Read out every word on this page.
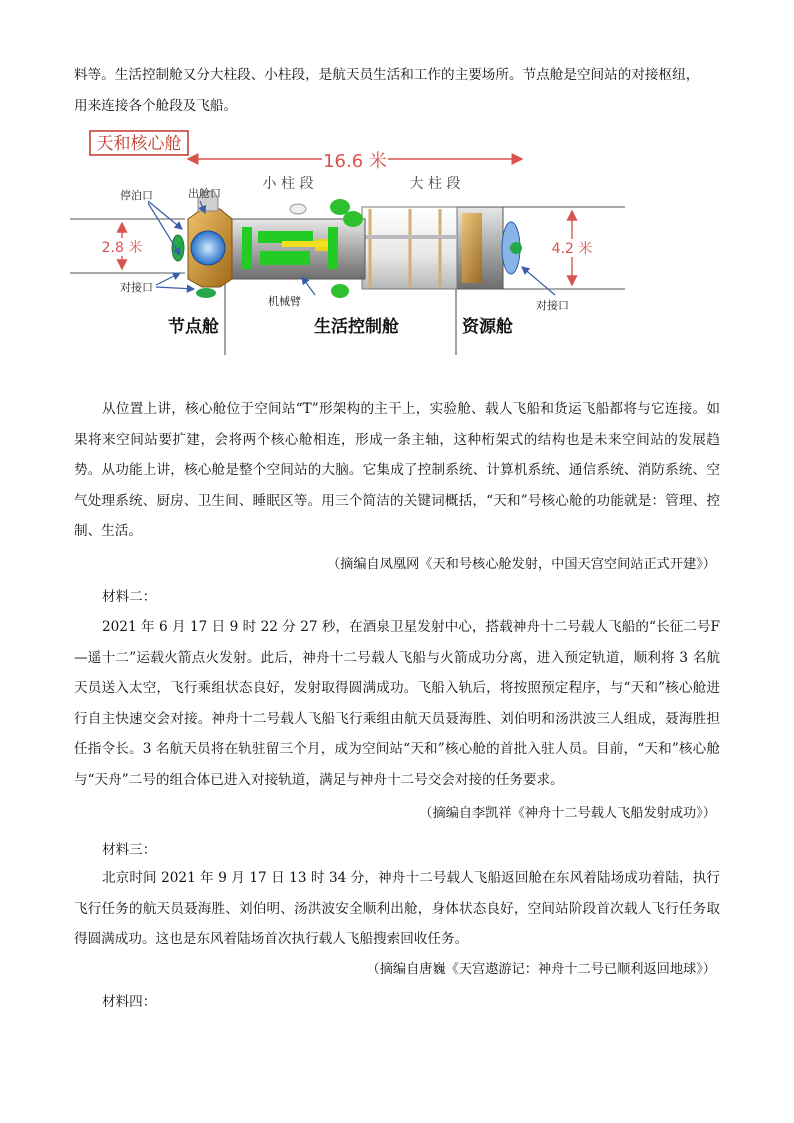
料等。生活控制舱又分大柱段、小柱段，是航天员生活和工作的主要场所。节点舱是空间站的对接枢纽，

用来连接各个舱段及飞船。

天和核心舱
16.6 米
小 柱 段	大 柱 段
2.8 米	4.2 米
停泊口	出舱口
对接口
对接口
机械臂
节点舱	生活控制舱	资源舱

从位置上讲，核心舱位于空间站“T”形架构的主干上，实验舱、载人飞船和货运飞船都将与它连接。如果将来空间站要扩建，会将两个核心舱相连，形成一条主轴，这种桁架式的结构也是未来空间站的发展趋势。从功能上讲，核心舱是整个空间站的大脑。它集成了控制系统、计算机系统、通信系统、消防系统、空气处理系统、厨房、卫生间、睡眠区等。用三个简洁的关键词概括，“天和”号核心舱的功能就是：管理、控制、生活。

（摘编自凤凰网《天和号核心舱发射，中国天宫空间站正式开建》）
材料二：

2021 年 6 月 17 日 9 时 22 分 27 秒，在酒泉卫星发射中心，搭载神舟十二号载人飞船的“长征二号F—遥十二”运载火箭点火发射。此后，神舟十二号载人飞船与火箭成功分离，进入预定轨道，顺利将 3 名航天员送入太空，飞行乘组状态良好，发射取得圆满成功。飞船入轨后，将按照预定程序，与“天和”核心舱进行自主快速交会对接。神舟十二号载人飞船飞行乘组由航天员聂海胜、刘伯明和汤洪波三人组成，聂海胜担任指令长。3 名航天员将在轨驻留三个月，成为空间站“天和”核心舱的首批入驻人员。目前，“天和”核心舱与“天舟”二号的组合体已进入对接轨道，满足与神舟十二号交会对接的任务要求。

（摘编自李凯祥《神舟十二号载人飞船发射成功》）
材料三：

北京时间 2021 年 9 月 17 日 13 时 34 分，神舟十二号载人飞船返回舱在东风着陆场成功着陆，执行飞行任务的航天员聂海胜、刘伯明、汤洪波安全顺利出舱，身体状态良好，空间站阶段首次载人飞行任务取得圆满成功。这也是东风着陆场首次执行载人飞船搜索回收任务。

（摘编自唐巍《天宫遨游记：神舟十二号已顺利返回地球》）
材料四：
